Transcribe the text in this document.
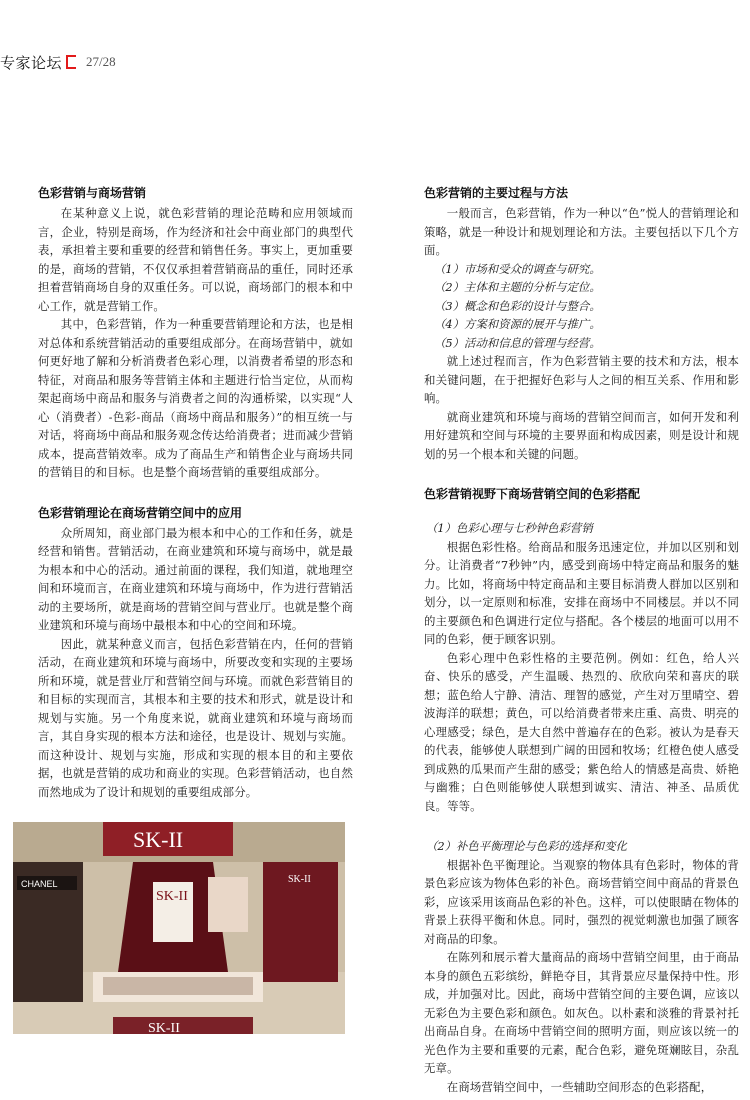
专家论坛 27/28
色彩营销与商场营销

在某种意义上说，就色彩营销的理论范畴和应用领域而言，企业，特别是商场，作为经济和社会中商业部门的典型代表，承担着主要和重要的经营和销售任务。事实上，更加重要的是，商场的营销，不仅仅承担着营销商品的重任，同时还承担着营销商场自身的双重任务。可以说，商场部门的根本和中心工作，就是营销工作。

其中，色彩营销，作为一种重要营销理论和方法，也是相对总体和系统营销活动的重要组成部分。在商场营销中，就如何更好地了解和分析消费者色彩心理，以消费者希望的形态和特征，对商品和服务等营销主体和主题进行恰当定位，从而构架起商场中商品和服务与消费者之间的沟通桥梁，以实现“人心（消费者）-色彩-商品（商场中商品和服务）”的相互统一与对话，将商场中商品和服务观念传达给消费者；进而减少营销成本，提高营销效率。成为了商品生产和销售企业与商场共同的营销目的和目标。也是整个商场营销的重要组成部分。

色彩营销理论在商场营销空间中的应用

众所周知，商业部门最为根本和中心的工作和任务，就是经营和销售。营销活动，在商业建筑和环境与商场中，就是最为根本和中心的活动。通过前面的课程，我们知道，就地理空间和环境而言，在商业建筑和环境与商场中，作为进行营销活动的主要场所，就是商场的营销空间与营业厅。也就是整个商业建筑和环境与商场中最根本和中心的空间和环境。

因此，就某种意义而言，包括色彩营销在内，任何的营销活动，在商业建筑和环境与商场中，所要改变和实现的主要场所和环境，就是营业厅和营销空间与环境。而就色彩营销目的和目标的实现而言，其根本和主要的技术和形式，就是设计和规划与实施。另一个角度来说，就商业建筑和环境与商场而言，其自身实现的根本方法和途径，也是设计、规划与实施。而这种设计、规划与实施，形成和实现的根本目的和主要依据，也就是营销的成功和商业的实现。色彩营销活动，也自然而然地成为了设计和规划的重要组成部分。

CHANEL
SK-II
SK-II
SK-II
SK-II
色彩营销的主要过程与方法

一般而言，色彩营销，作为一种以“色”悦人的营销理论和策略，就是一种设计和规划理论和方法。主要包括以下几个方面。

（1）市场和受众的调查与研究。
（2）主体和主题的分析与定位。
（3）概念和色彩的设计与整合。
（4）方案和资源的展开与推广。
（5）活动和信息的管理与经营。

就上述过程而言，作为色彩营销主要的技术和方法，根本和关键问题，在于把握好色彩与人之间的相互关系、作用和影响。

就商业建筑和环境与商场的营销空间而言，如何开发和利用好建筑和空间与环境的主要界面和构成因素，则是设计和规划的另一个根本和关键的问题。

色彩营销视野下商场营销空间的色彩搭配
（1）色彩心理与七秒钟色彩营销

根据色彩性格。给商品和服务迅速定位，并加以区别和划分。让消费者“7秒钟”内，感受到商场中特定商品和服务的魅力。比如，将商场中特定商品和主要目标消费人群加以区别和划分，以一定原则和标准，安排在商场中不同楼层。并以不同的主要颜色和色调进行定位与搭配。各个楼层的地面可以用不同的色彩，便于顾客识别。

色彩心理中色彩性格的主要范例。例如：红色，给人兴奋、快乐的感受，产生温暖、热烈的、欣欣向荣和喜庆的联想；蓝色给人宁静、清洁、理智的感觉，产生对万里晴空、碧波海洋的联想；黄色，可以给消费者带来庄重、高贵、明亮的心理感受；绿色，是大自然中普遍存在的色彩。被认为是春天的代表，能够使人联想到广阔的田园和牧场；红橙色使人感受到成熟的瓜果而产生甜的感受；紫色给人的情感是高贵、娇艳与幽雅；白色则能够使人联想到诚实、清洁、神圣、品质优良。等等。

（2）补色平衡理论与色彩的选择和变化

根据补色平衡理论。当观察的物体具有色彩时，物体的背景色彩应该为物体色彩的补色。商场营销空间中商品的背景色彩，应该采用该商品色彩的补色。这样，可以使眼睛在物体的背景上获得平衡和休息。同时，强烈的视觉刺激也加强了顾客对商品的印象。

在陈列和展示着大量商品的商场中营销空间里，由于商品本身的颜色五彩缤纷，鲜艳夺目，其背景应尽量保持中性。形成，并加强对比。因此，商场中营销空间的主要色调，应该以无彩色为主要色彩和颜色。如灰色。以朴素和淡雅的背景衬托出商品自身。在商场中营销空间的照明方面，则应该以统一的光色作为主要和重要的元素，配合色彩，避免斑斓眩目，杂乱无章。

在商场营销空间中，一些辅助空间形态的色彩搭配，
